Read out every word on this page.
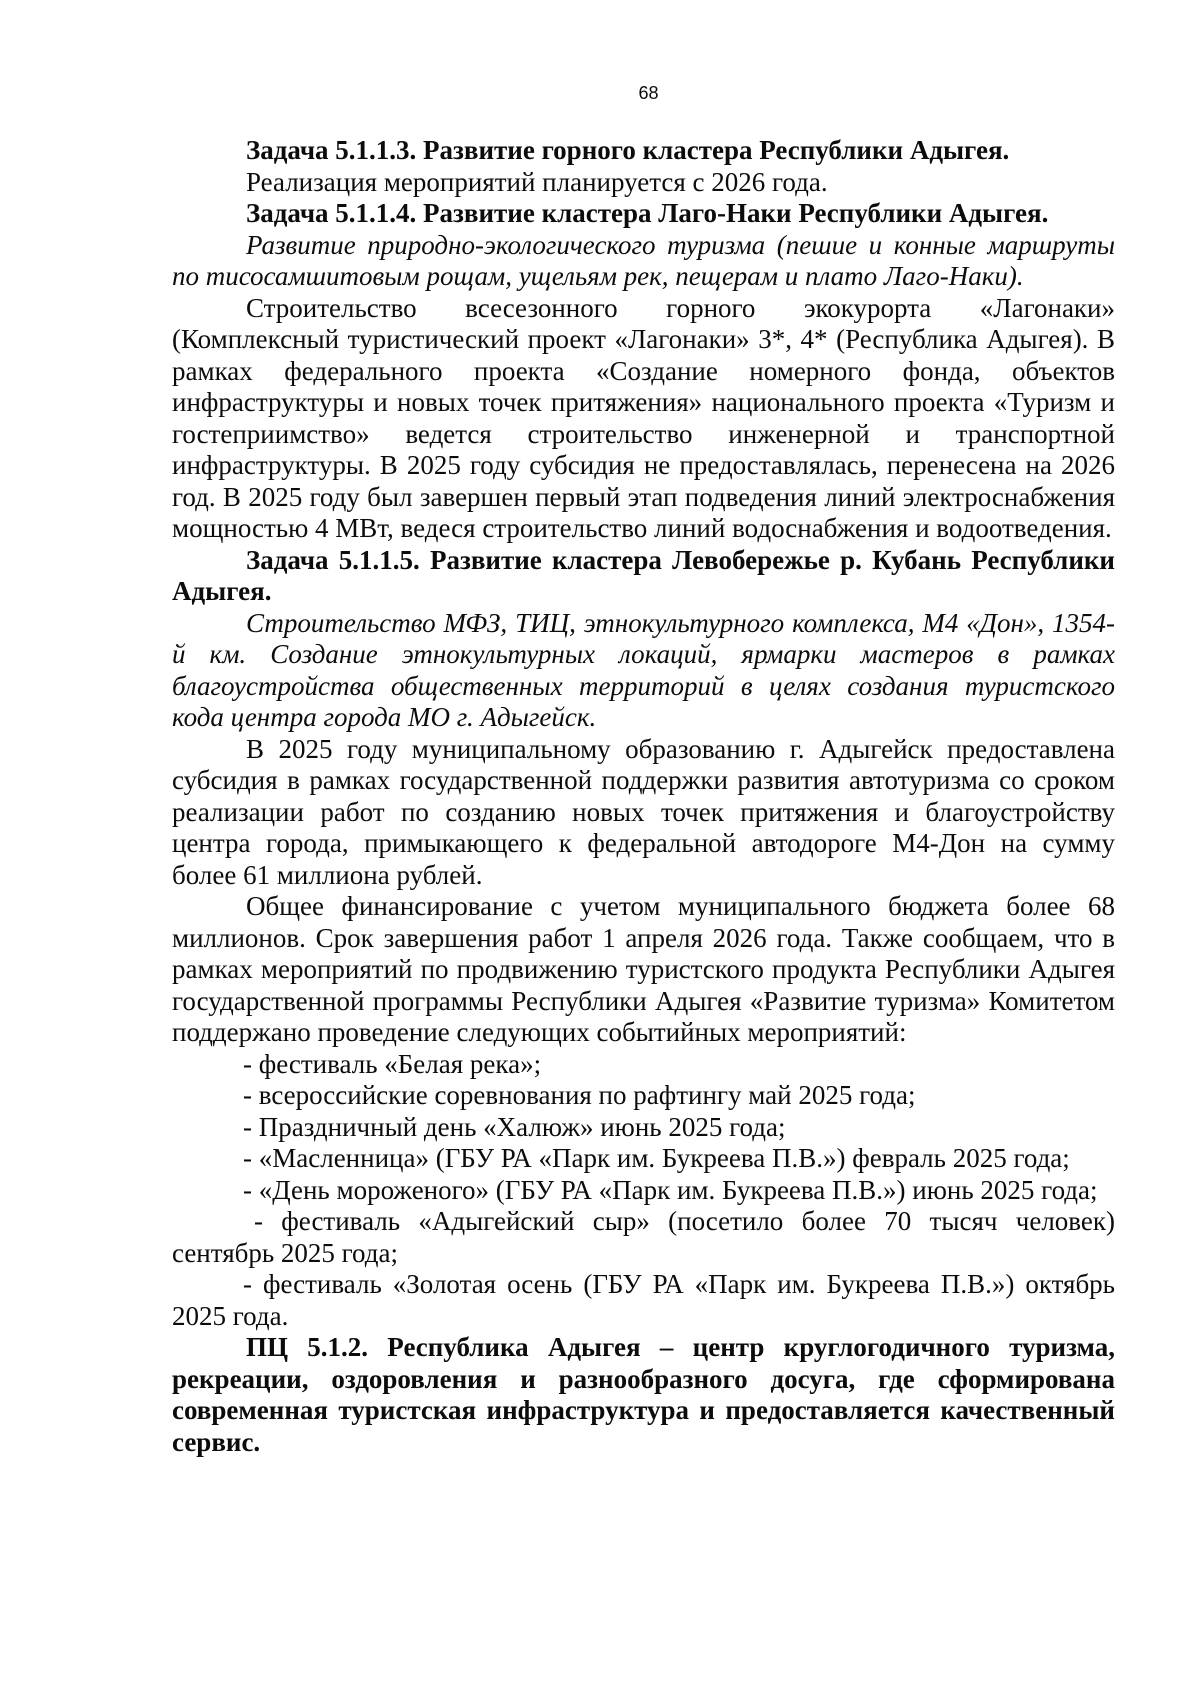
68

Задача 5.1.1.3. Развитие горного кластера Республики Адыгея.

Реализация мероприятий планируется с 2026 года.

Задача 5.1.1.4. Развитие кластера Лаго-Наки Республики Адыгея.

Развитие природно-экологического туризма (пешие и конные маршруты по тисосамшитовым рощам, ущельям рек, пещерам и плато Лаго-Наки).

Строительство всесезонного горного экокурорта «Лагонаки» (Комплексный туристический проект «Лагонаки» 3*, 4* (Республика Адыгея). В рамках федерального проекта «Создание номерного фонда, объектов инфраструктуры и новых точек притяжения» национального проекта «Туризм и гостеприимство» ведется строительство инженерной и транспортной инфраструктуры. В 2025 году субсидия не предоставлялась, перенесена на 2026 год. В 2025 году был завершен первый этап подведения линий электроснабжения мощностью 4 МВт, ведеся строительство линий водоснабжения и водоотведения.

Задача 5.1.1.5. Развитие кластера Левобережье р. Кубань Республики Адыгея.

Строительство МФЗ, ТИЦ, этнокультурного комплекса, М4 «Дон», 1354-й км. Создание этнокультурных локаций, ярмарки мастеров в рамках благоустройства общественных территорий в целях создания туристского кода центра города МО г. Адыгейск.

В 2025 году муниципальному образованию г. Адыгейск предоставлена субсидия в рамках государственной поддержки развития автотуризма со сроком реализации работ по созданию новых точек притяжения и благоустройству центра города, примыкающего к федеральной автодороге М4-Дон на сумму более 61 миллиона рублей.

Общее финансирование с учетом муниципального бюджета более 68 миллионов. Срок завершения работ 1 апреля 2026 года. Также сообщаем, что в рамках мероприятий по продвижению туристского продукта Республики Адыгея государственной программы Республики Адыгея «Развитие туризма» Комитетом поддержано проведение следующих событийных мероприятий:

- фестиваль «Белая река»;

- всероссийские соревнования по рафтингу май 2025 года;

- Праздничный день «Халюж» июнь 2025 года;

- «Масленница» (ГБУ РА «Парк им. Букреева П.В.») февраль 2025 года;

- «День мороженого» (ГБУ РА «Парк им. Букреева П.В.») июнь 2025 года;

- фестиваль «Адыгейский сыр» (посетило более 70 тысяч человек) сентябрь 2025 года;

- фестиваль «Золотая осень (ГБУ РА «Парк им. Букреева П.В.») октябрь 2025 года.

ПЦ 5.1.2. Республика Адыгея – центр круглогодичного туризма, рекреации, оздоровления и разнообразного досуга, где сформирована современная туристская инфраструктура и предоставляется качественный сервис.
